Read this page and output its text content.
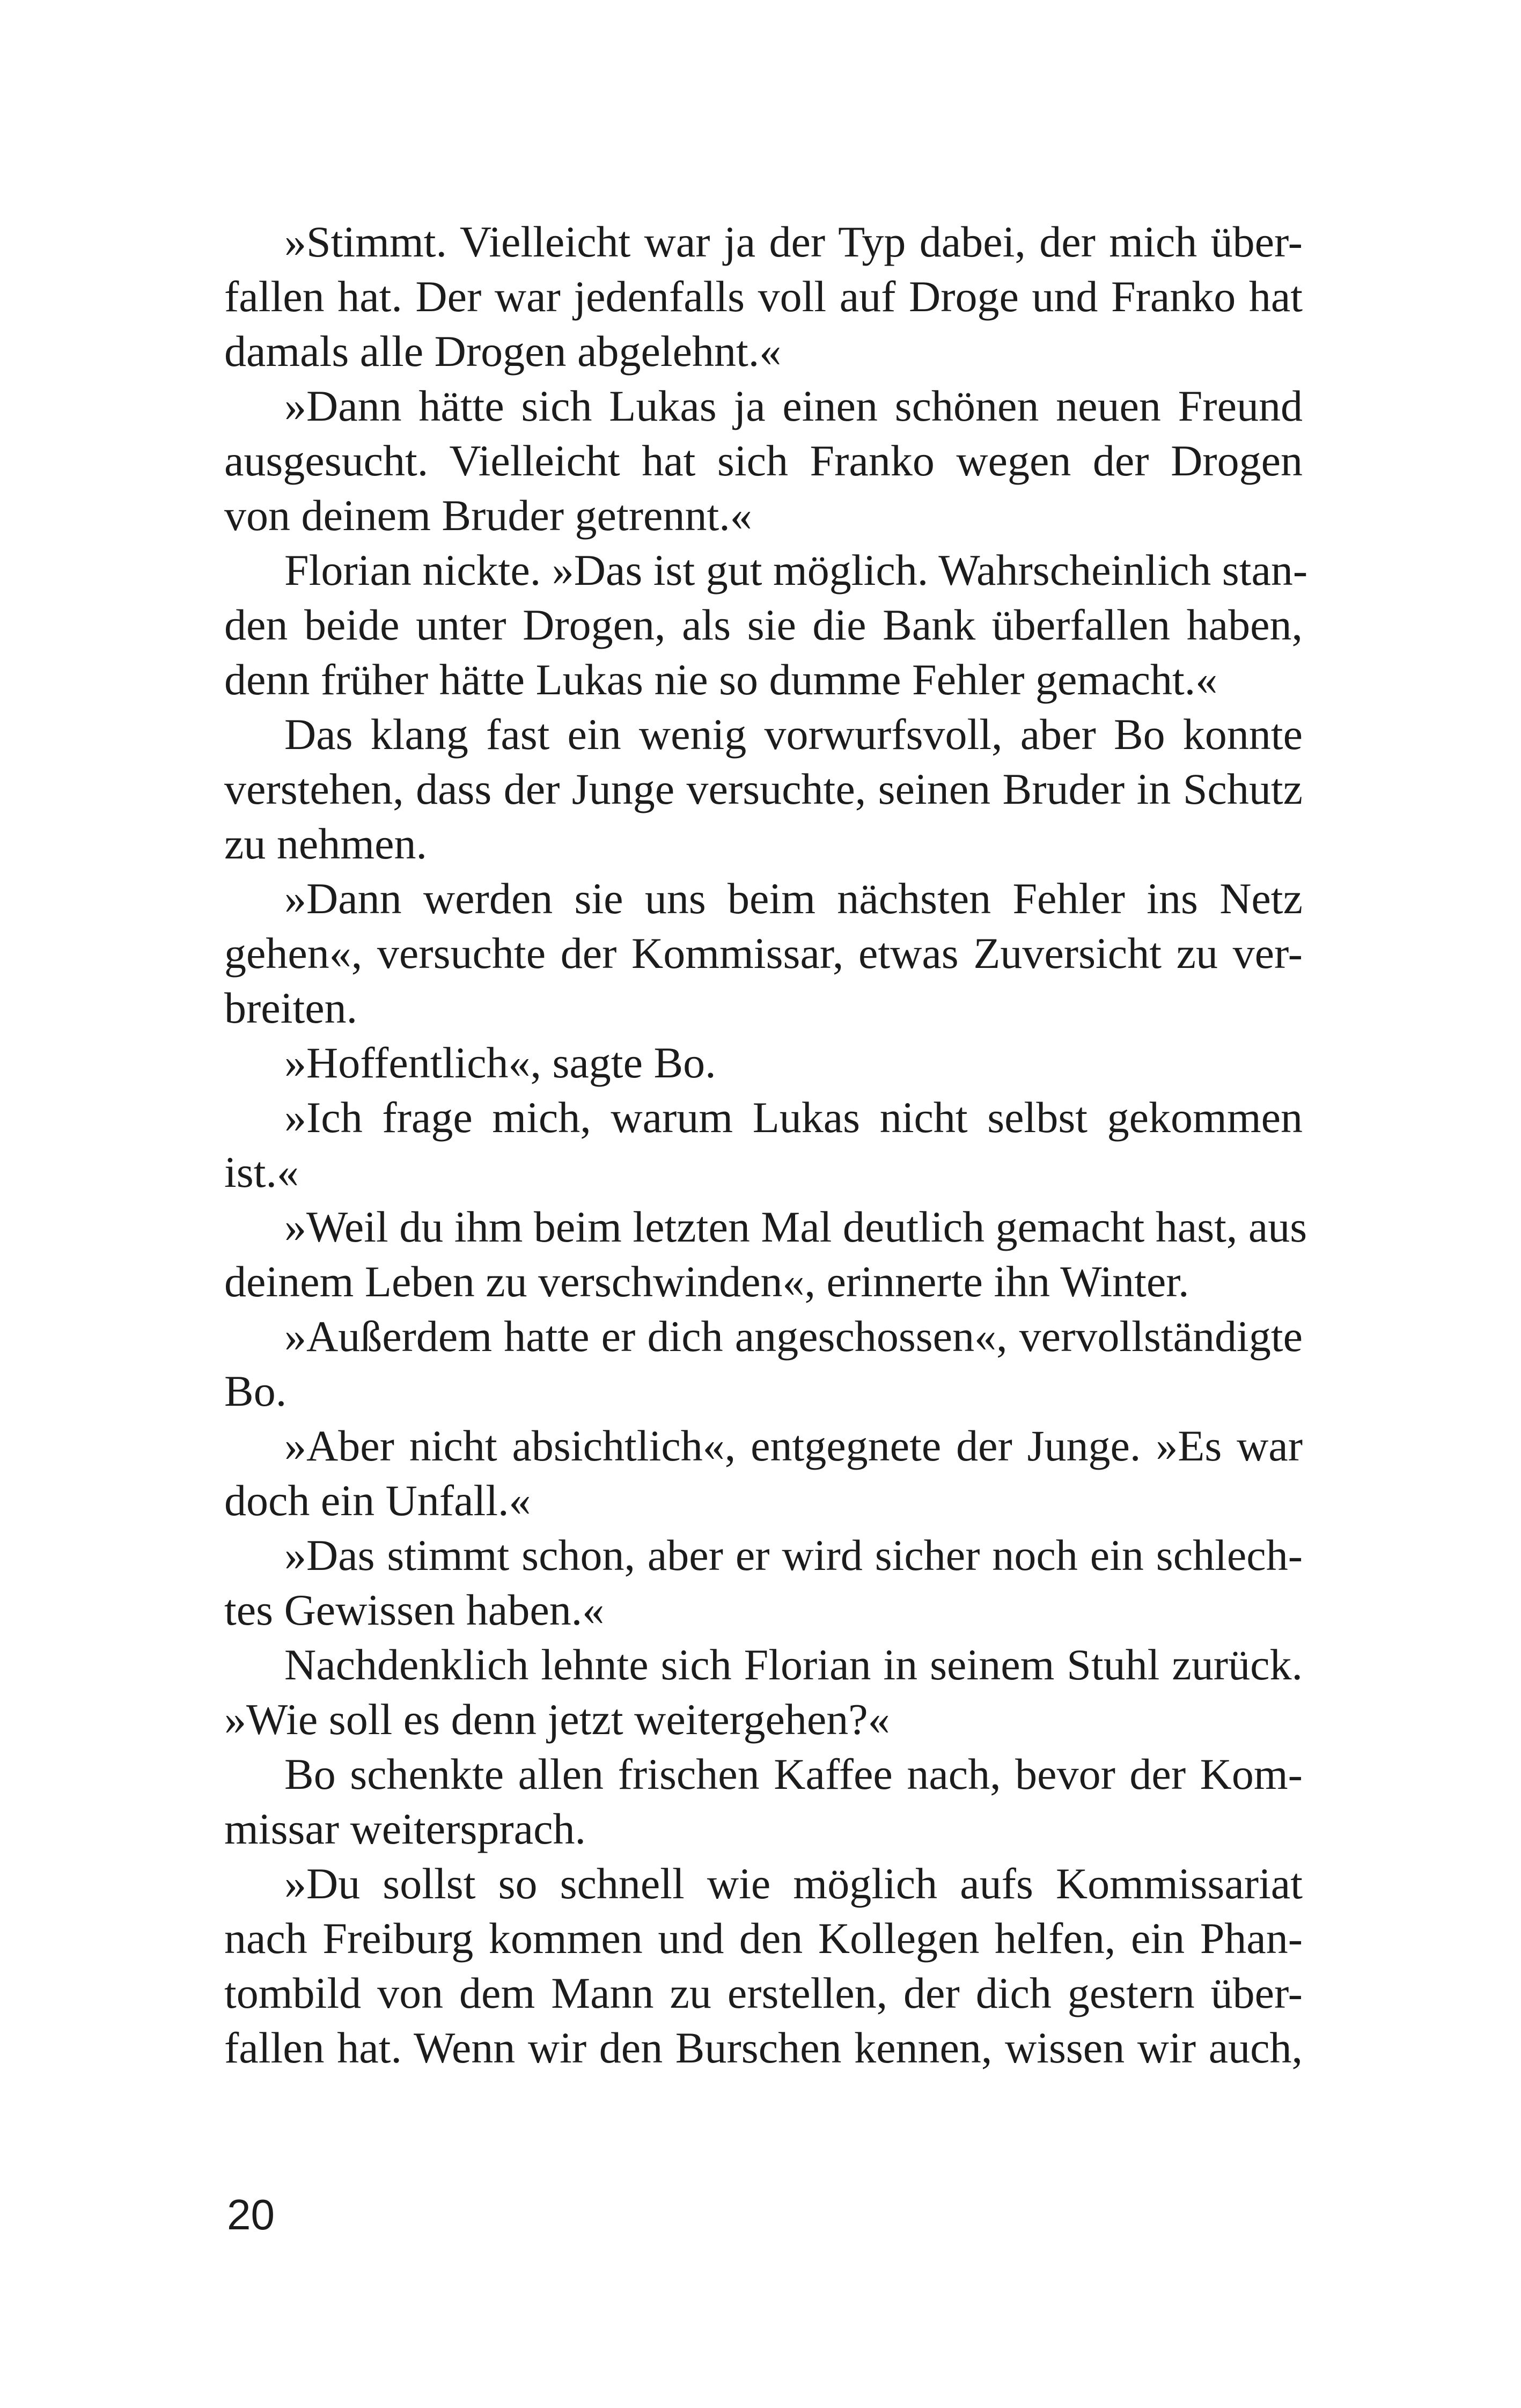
»Stimmt. Vielleicht war ja der Typ dabei, der mich über-
fallen hat. Der war jedenfalls voll auf Droge und Franko hat
damals alle Drogen abgelehnt.«
»Dann hätte sich Lukas ja einen schönen neuen Freund
ausgesucht. Vielleicht hat sich Franko wegen der Drogen
von deinem Bruder getrennt.«
Florian nickte. »Das ist gut möglich. Wahrscheinlich stan-
den beide unter Drogen, als sie die Bank überfallen haben,
denn früher hätte Lukas nie so dumme Fehler gemacht.«
Das klang fast ein wenig vorwurfsvoll, aber Bo konnte
verstehen, dass der Junge versuchte, seinen Bruder in Schutz
zu nehmen.
»Dann werden sie uns beim nächsten Fehler ins Netz
gehen«, versuchte der Kommissar, etwas Zuversicht zu ver-
breiten.
»Hoffentlich«, sagte Bo.
»Ich frage mich, warum Lukas nicht selbst gekommen
ist.«
»Weil du ihm beim letzten Mal deutlich gemacht hast, aus
deinem Leben zu verschwinden«, erinnerte ihn Winter.
»Außerdem hatte er dich angeschossen«, vervollständigte
Bo.
»Aber nicht absichtlich«, entgegnete der Junge. »Es war
doch ein Unfall.«
»Das stimmt schon, aber er wird sicher noch ein schlech-
tes Gewissen haben.«
Nachdenklich lehnte sich Florian in seinem Stuhl zurück.
»Wie soll es denn jetzt weitergehen?«
Bo schenkte allen frischen Kaffee nach, bevor der Kom-
missar weitersprach.
»Du sollst so schnell wie möglich aufs Kommissariat
nach Freiburg kommen und den Kollegen helfen, ein Phan-
tombild von dem Mann zu erstellen, der dich gestern über-
fallen hat. Wenn wir den Burschen kennen, wissen wir auch,
20
